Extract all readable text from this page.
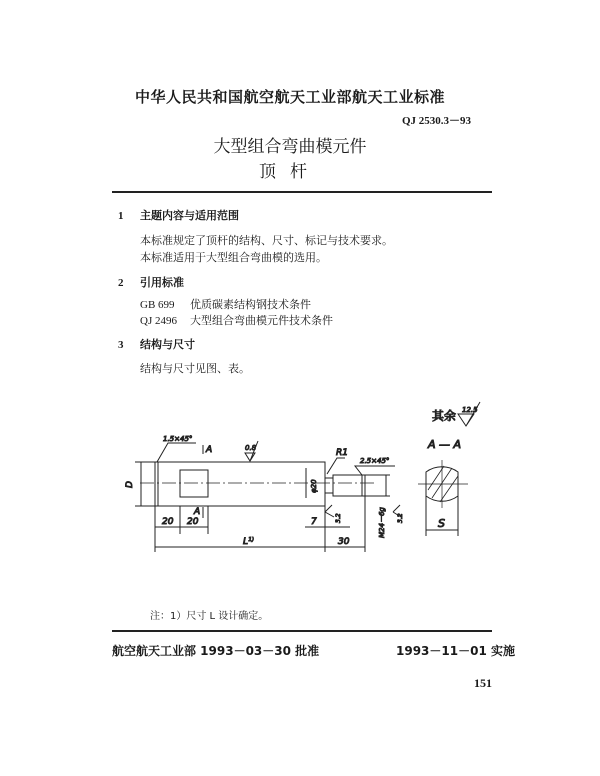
中华人民共和国航空航天工业部航天工业标准
QJ 2530.3－93
大型组合弯曲模元件
顶杆
1 主题内容与适用范围
本标准规定了顶杆的结构、尺寸、标记与技术要求。
本标准适用于大型组合弯曲模的选用。
2 引用标准
GB 699 优质碳素结构钢技术条件
QJ 2496 大型组合弯曲模元件技术条件
3 结构与尺寸
结构与尺寸见图、表。
其余 12.5
A — A
1.5×45°
A
A
0.8	R1
2.5×45°
D	φ20
M24－6g 3.2
3.2
7
20 20
L¹⁾	30
S
注：1）尺寸 L 设计确定。
航空航天工业部 1993－03－30 批准	1993－11－01 实施
151
